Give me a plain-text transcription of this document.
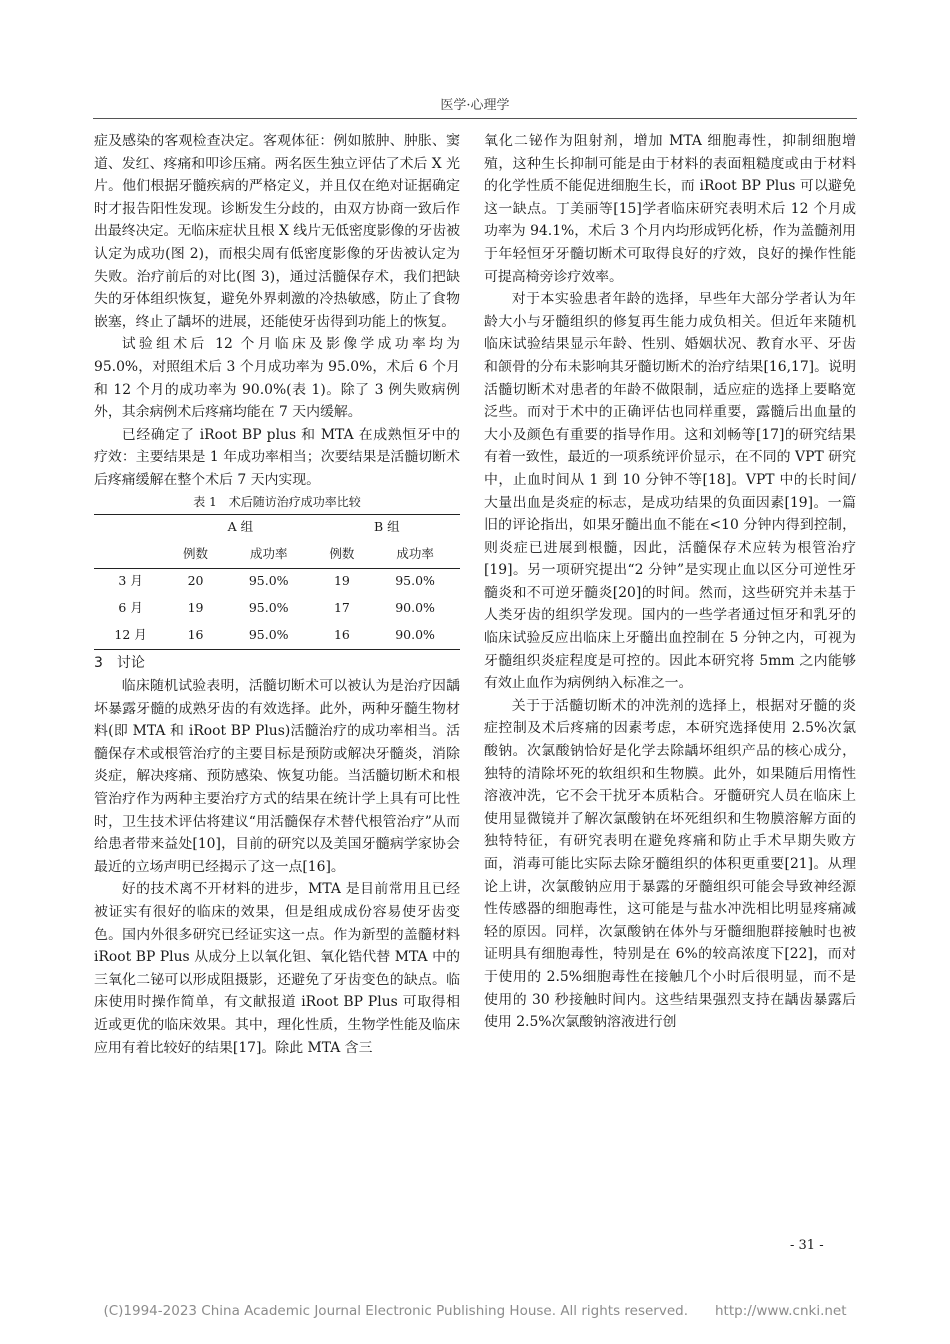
医学·心理学

症及感染的客观检查决定。客观体征：例如脓肿、肿胀、窦道、发红、疼痛和叩诊压痛。两名医生独立评估了术后 X 光片。他们根据牙髓疾病的严格定义，并且仅在绝对证据确定时才报告阳性发现。诊断发生分歧的，由双方协商一致后作出最终决定。无临床症状且根 X 线片无低密度影像的牙齿被认定为成功(图 2)，而根尖周有低密度影像的牙齿被认定为失败。治疗前后的对比(图 3)，通过活髓保存术，我们把缺失的牙体组织恢复，避免外界刺激的冷热敏感，防止了食物嵌塞，终止了龋坏的进展，还能使牙齿得到功能上的恢复。

试验组术后 12 个月临床及影像学成功率均为 95.0%，对照组术后 3 个月成功率为 95.0%，术后 6 个月和 12 个月的成功率为 90.0%(表 1)。除了 3 例失败病例外，其余病例术后疼痛均能在 7 天内缓解。

已经确定了 iRoot BP plus 和 MTA 在成熟恒牙中的疗效：主要结果是 1 年成功率相当；次要结果是活髓切断术后疼痛缓解在整个术后 7 天内实现。

表 1　术后随访治疗成功率比较
	A 组		B 组	
	例数	成功率	例数	成功率
3 月	20	95.0%	19	95.0%
6 月	19	95.0%	17	90.0%
12 月	16	95.0%	16	90.0%
3　讨论

临床随机试验表明，活髓切断术可以被认为是治疗因龋坏暴露牙髓的成熟牙齿的有效选择。此外，两种牙髓生物材料(即 MTA 和 iRoot BP Plus)活髓治疗的成功率相当。活髓保存术或根管治疗的主要目标是预防或解决牙髓炎，消除炎症，解决疼痛、预防感染、恢复功能。当活髓切断术和根管治疗作为两种主要治疗方式的结果在统计学上具有可比性时，卫生技术评估将建议“用活髓保存术替代根管治疗”从而给患者带来益处[10]，目前的研究以及美国牙髓病学家协会最近的立场声明已经揭示了这一点[16]。

好的技术离不开材料的进步，MTA 是目前常用且已经被证实有很好的临床的效果，但是组成成份容易使牙齿变色。国内外很多研究已经证实这一点。作为新型的盖髓材料 iRoot BP Plus 从成分上以氧化钽、氧化锆代替 MTA 中的三氧化二铋可以形成阻摄影，还避免了牙齿变色的缺点。临床使用时操作简单，有文献报道 iRoot BP Plus 可取得相近或更优的临床效果。其中，理化性质，生物学性能及临床应用有着比较好的结果[17]。除此 MTA 含三

氧化二铋作为阻射剂，增加 MTA 细胞毒性，抑制细胞增殖，这种生长抑制可能是由于材料的表面粗糙度或由于材料的化学性质不能促进细胞生长，而 iRoot BP Plus 可以避免这一缺点。丁美丽等[15]学者临床研究表明术后 12 个月成功率为 94.1%，术后 3 个月内均形成钙化桥，作为盖髓剂用于年轻恒牙牙髓切断术可取得良好的疗效，良好的操作性能可提高椅旁诊疗效率。

对于本实验患者年龄的选择，早些年大部分学者认为年龄大小与牙髓组织的修复再生能力成负相关。但近年来随机临床试验结果显示年龄、性别、婚姻状况、教育水平、牙齿和颌骨的分布未影响其牙髓切断术的治疗结果[16,17]。说明活髓切断术对患者的年龄不做限制，适应症的选择上要略宽泛些。而对于术中的正确评估也同样重要，露髓后出血量的大小及颜色有重要的指导作用。这和刘畅等[17]的研究结果有着一致性，最近的一项系统评价显示，在不同的 VPT 研究中，止血时间从 1 到 10 分钟不等[18]。VPT 中的长时间/大量出血是炎症的标志，是成功结果的负面因素[19]。一篇旧的评论指出，如果牙髓出血不能在<10 分钟内得到控制，则炎症已进展到根髓，因此，活髓保存术应转为根管治疗[19]。另一项研究提出“2 分钟”是实现止血以区分可逆性牙髓炎和不可逆牙髓炎[20]的时间。然而，这些研究并未基于人类牙齿的组织学发现。国内的一些学者通过恒牙和乳牙的临床试验反应出临床上牙髓出血控制在 5 分钟之内，可视为牙髓组织炎症程度是可控的。因此本研究将 5mm 之内能够有效止血作为病例纳入标准之一。

关于于活髓切断术的冲洗剂的选择上，根据对牙髓的炎症控制及术后疼痛的因素考虑，本研究选择使用 2.5%次氯酸钠。次氯酸钠恰好是化学去除龋坏组织产品的核心成分，独特的清除坏死的软组织和生物膜。此外，如果随后用惰性溶液冲洗，它不会干扰牙本质粘合。牙髓研究人员在临床上使用显微镜并了解次氯酸钠在坏死组织和生物膜溶解方面的独特特征，有研究表明在避免疼痛和防止手术早期失败方面，消毒可能比实际去除牙髓组织的体积更重要[21]。从理论上讲，次氯酸钠应用于暴露的牙髓组织可能会导致神经源性传感器的细胞毒性，这可能是与盐水冲洗相比明显疼痛减轻的原因。同样，次氯酸钠在体外与牙髓细胞群接触时也被证明具有细胞毒性，特别是在 6%的较高浓度下[22]，而对于使用的 2.5%细胞毒性在接触几个小时后很明显，而不是使用的 30 秒接触时间内。这些结果强烈支持在龋齿暴露后使用 2.5%次氯酸钠溶液进行创

- 31 -
(C)1994-2023 China Academic Journal Electronic Publishing House. All rights reserved.　　http://www.cnki.net
